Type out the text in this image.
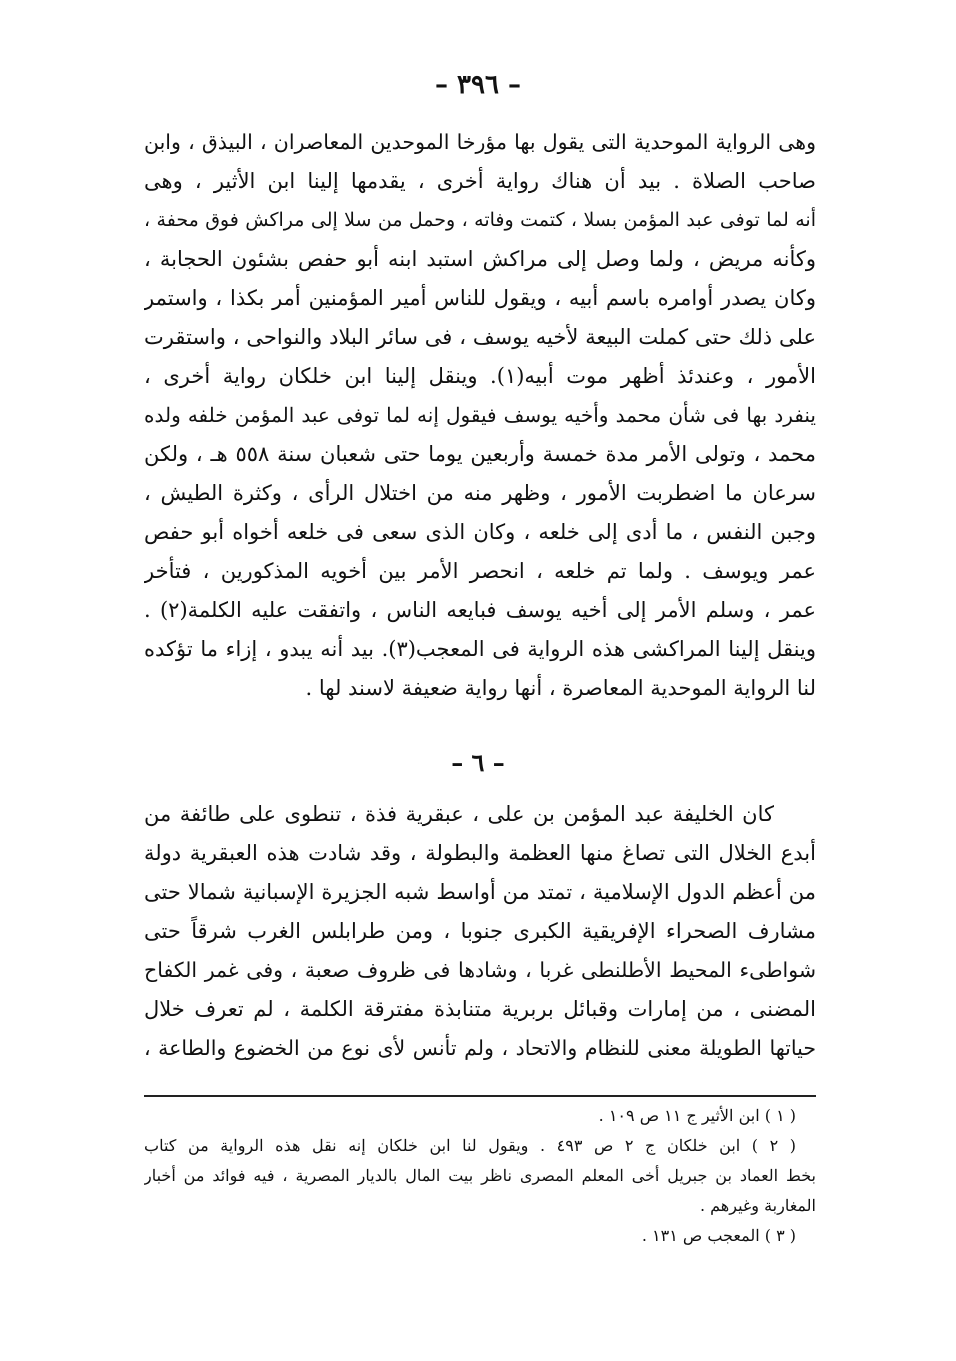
– ٣٩٦ –
وهى الرواية الموحدية التى يقول بها مؤرخا الموحدين المعاصران ، البيذق ، وابن
صاحب الصلاة . بيد أن هناك رواية أخرى ، يقدمها إلينا ابن الأثير ، وهى
أنه لما توفى عبد المؤمن بسلا ، كتمت وفاته ، وحمل من سلا إلى مراكش فوق محفة ،
وكأنه مريض ، ولما وصل إلى مراكش استبد ابنه أبو حفص بشئون الحجابة ،
وكان يصدر أوامره باسم أبيه ، ويقول للناس أمير المؤمنين أمر بكذا ، واستمر
على ذلك حتى كملت البيعة لأخيه يوسف ، فى سائر البلاد والنواحى ، واستقرت
الأمور ، وعندئذ أظهر موت أبيه(١). وينقل إلينا ابن خلكان رواية أخرى ،
ينفرد بها فى شأن محمد وأخيه يوسف فيقول إنه لما توفى عبد المؤمن خلفه ولده
محمد ، وتولى الأمر مدة خمسة وأربعين يوما حتى شعبان سنة ٥٥٨ هـ ، ولكن
سرعان ما اضطربت الأمور ، وظهر منه من اختلال الرأى ، وكثرة الطيش ،
وجبن النفس ، ما أدى إلى خلعه ، وكان الذى سعى فى خلعه أخواه أبو حفص
عمر ويوسف . ولما تم خلعه ، انحصر الأمر بين أخويه المذكورين ، فتأخر
عمر ، وسلم الأمر إلى أخيه يوسف فبايعه الناس ، واتفقت عليه الكلمة(٢) .
وينقل إلينا المراكشى هذه الرواية فى المعجب(٣). بيد أنه يبدو ، إزاء ما تؤكده
لنا الرواية الموحدية المعاصرة ، أنها رواية ضعيفة لاسند لها .
– ٦ –
كان الخليفة عبد المؤمن بن على ، عبقرية فذة ، تنطوى على طائفة من
أبدع الخلال التى تصاغ منها العظمة والبطولة ، وقد شادت هذه العبقرية دولة
من أعظم الدول الإسلامية ، تمتد من أواسط شبه الجزيرة الإسبانية شمالا حتى
مشارف الصحراء الإفريقية الكبرى جنوبا ، ومن طرابلس الغرب شرقاً حتى
شواطىء المحيط الأطلنطى غربا ، وشادها فى ظروف صعبة ، وفى غمر الكفاح
المضنى ، من إمارات وقبائل بربرية متنابذة مفترقة الكلمة ، لم تعرف خلال
حياتها الطويلة معنى للنظام والاتحاد ، ولم تأنس لأى نوع من الخضوع والطاعة ،
( ١ ) ابن الأثير ج ١١ ص ١٠٩ .
( ٢ ) ابن خلكان ج ٢ ص ٤٩٣ . ويقول لنا ابن خلكان إنه نقل هذه الرواية من كتاب
بخط العماد بن جبريل أخى المعلم المصرى ناظر بيت المال بالديار المصرية ، فيه فوائد من أخبار
المغاربة وغيرهم .
( ٣ ) المعجب ص ١٣١ .
